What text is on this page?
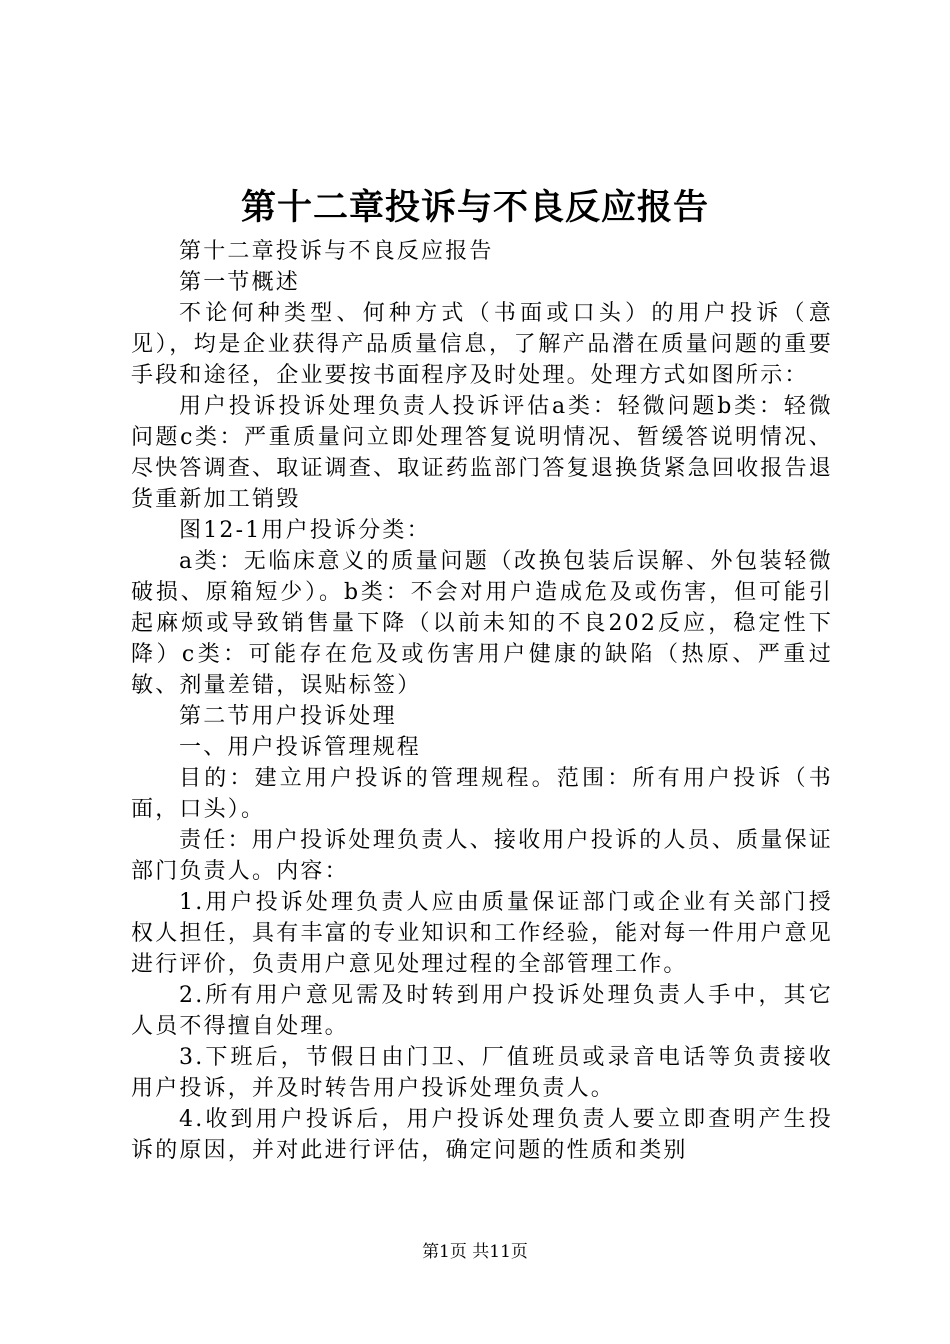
第十二章投诉与不良反应报告

第十二章投诉与不良反应报告

第一节概述

不论何种类型、何种方式（书面或口头）的用户投诉（意见），均是企业获得产品质量信息，了解产品潜在质量问题的重要手段和途径，企业要按书面程序及时处理。处理方式如图所示：

用户投诉投诉处理负责人投诉评估a类：轻微问题b类：轻微问题c类：严重质量问立即处理答复说明情况、暂缓答说明情况、尽快答调查、取证调查、取证药监部门答复退换货紧急回收报告退货重新加工销毁

图12-1用户投诉分类：

a类：无临床意义的质量问题（改换包装后误解、外包装轻微破损、原箱短少）。b类：不会对用户造成危及或伤害，但可能引起麻烦或导致销售量下降（以前未知的不良202反应，稳定性下降）c类：可能存在危及或伤害用户健康的缺陷（热原、严重过敏、剂量差错，误贴标签）

第二节用户投诉处理

一、用户投诉管理规程

目的：建立用户投诉的管理规程。范围：所有用户投诉（书面，口头）。

责任：用户投诉处理负责人、接收用户投诉的人员、质量保证部门负责人。内容：

1.用户投诉处理负责人应由质量保证部门或企业有关部门授权人担任，具有丰富的专业知识和工作经验，能对每一件用户意见进行评价，负责用户意见处理过程的全部管理工作。

2.所有用户意见需及时转到用户投诉处理负责人手中，其它人员不得擅自处理。

3.下班后，节假日由门卫、厂值班员或录音电话等负责接收用户投诉，并及时转告用户投诉处理负责人。

4.收到用户投诉后，用户投诉处理负责人要立即查明产生投诉的原因，并对此进行评估，确定问题的性质和类别

第1页 共11页
